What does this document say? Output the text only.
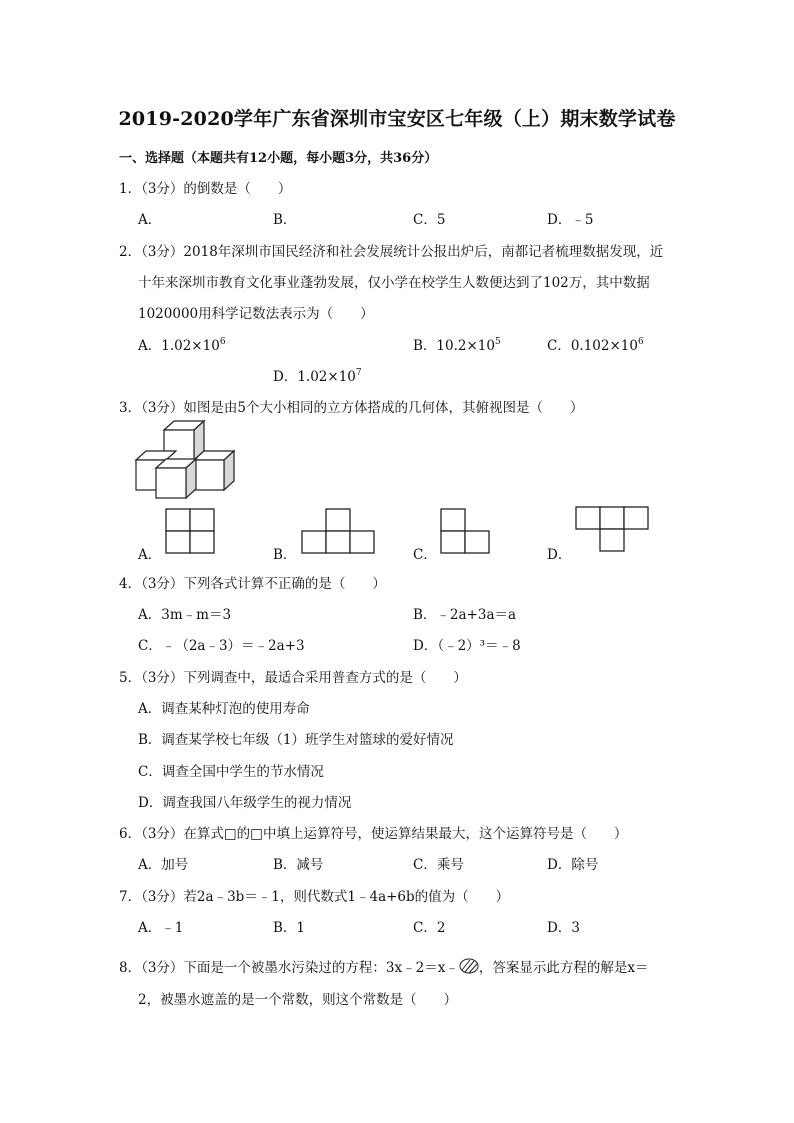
2019-2020学年广东省深圳市宝安区七年级（上）期末数学试卷
一、选择题（本题共有12小题，每小题3分，共36分）
1．（3分）的倒数是（　　）
A．	B．	C．5	D．﹣5
2．（3分）2018年深圳市国民经济和社会发展统计公报出炉后，南都记者梳理数据发现，近
十年来深圳市教育文化事业蓬勃发展，仅小学在校学生人数便达到了102万，其中数据
1020000用科学记数法表示为（　　）
A．$1.02\times 10^6$	B．$10.2\times 10^5$	C．$0.102\times 10^6$
D．$1.02\times 10^7$
3．（3分）如图是由5个大小相同的立方体搭成的几何体，其俯视图是（　　）
A．	B．	C．	D．
4．（3分）下列各式计算不正确的是（　　）
A．3m﹣m＝3	B．﹣2a+3a＝a
C．﹣（2a﹣3）＝﹣2a+3	D．（﹣2）³＝﹣8
5．（3分）下列调查中，最适合采用普查方式的是（　　）
A．调查某种灯泡的使用寿命
B．调查某学校七年级（1）班学生对篮球的爱好情况
C．调查全国中学生的节水情况
D．调查我国八年级学生的视力情况
6．（3分）在算式□的□中填上运算符号，使运算结果最大，这个运算符号是（　　）
A．加号	B．减号	C．乘号	D．除号
7．（3分）若2a﹣3b＝﹣1，则代数式1﹣4a+6b的值为（　　）
A．﹣1	B．1	C．2	D．3
8．（3分）下面是一个被墨水污染过的方程：3x﹣2＝x﹣ ，答案显示此方程的解是x＝
2，被墨水遮盖的是一个常数，则这个常数是（　　）
